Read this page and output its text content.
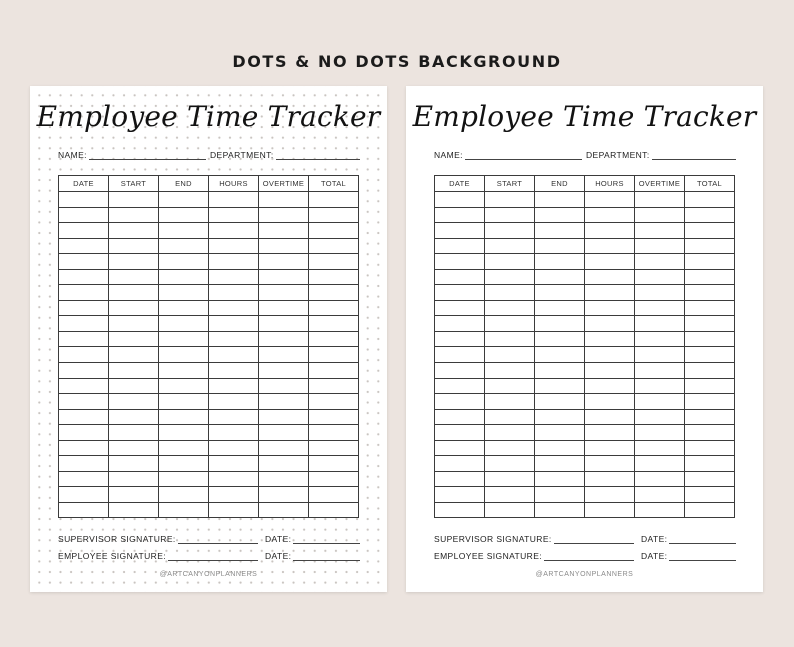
DOTS & NO DOTS BACKGROUND
Employee Time Tracker
NAME:	DEPARTMENT:
DATE	START	END	HOURS	OVERTIME	TOTAL

SUPERVISOR SIGNATURE:	DATE:
EMPLOYEE SIGNATURE:	DATE:
@ARTCANYONPLANNERS
Employee Time Tracker
NAME:	DEPARTMENT:
DATE	START	END	HOURS	OVERTIME	TOTAL

SUPERVISOR SIGNATURE:	DATE:
EMPLOYEE SIGNATURE:	DATE:
@ARTCANYONPLANNERS
